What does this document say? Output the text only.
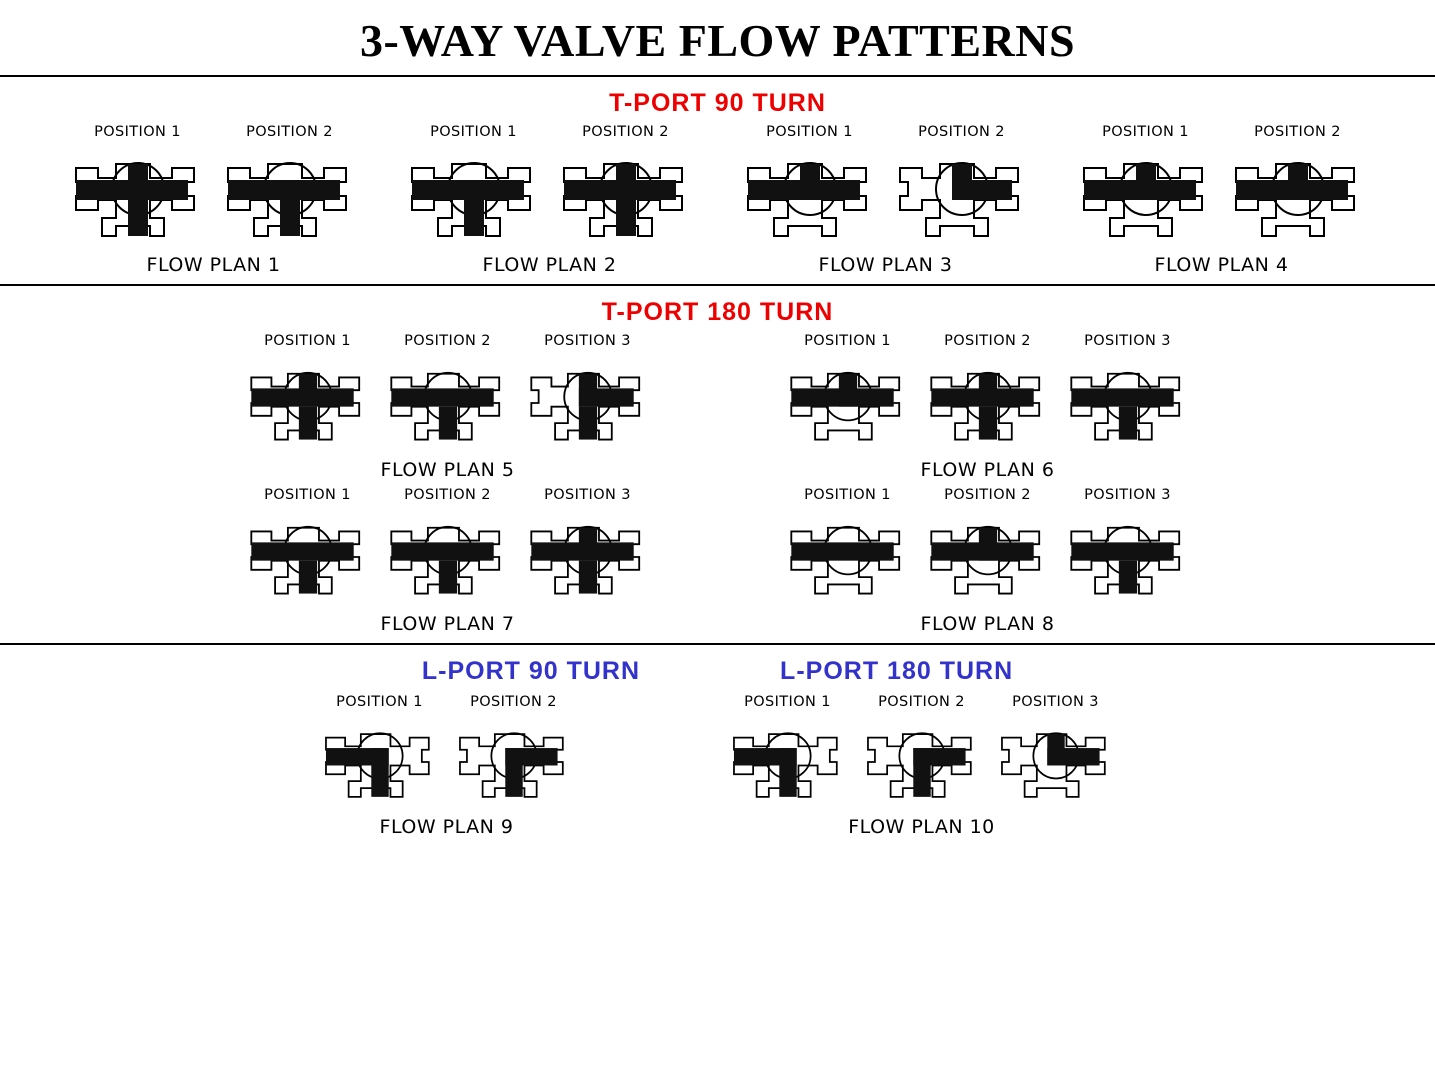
3-WAY VALVE FLOW PATTERNS
T-PORT 90 TURN
POSITION 1	POSITION 2
FLOW PLAN 1
POSITION 1	POSITION 2
FLOW PLAN 2
POSITION 1	POSITION 2
FLOW PLAN 3
POSITION 1	POSITION 2
FLOW PLAN 4
T-PORT 180 TURN
POSITION 1	POSITION 2	POSITION 3
FLOW PLAN 5
POSITION 1	POSITION 2	POSITION 3
FLOW PLAN 6
POSITION 1	POSITION 2	POSITION 3
FLOW PLAN 7
POSITION 1	POSITION 2	POSITION 3
FLOW PLAN 8
L-PORT 90 TURN	L-PORT 180 TURN
POSITION 1	POSITION 2
FLOW PLAN 9
POSITION 1	POSITION 2	POSITION 3
FLOW PLAN 10
